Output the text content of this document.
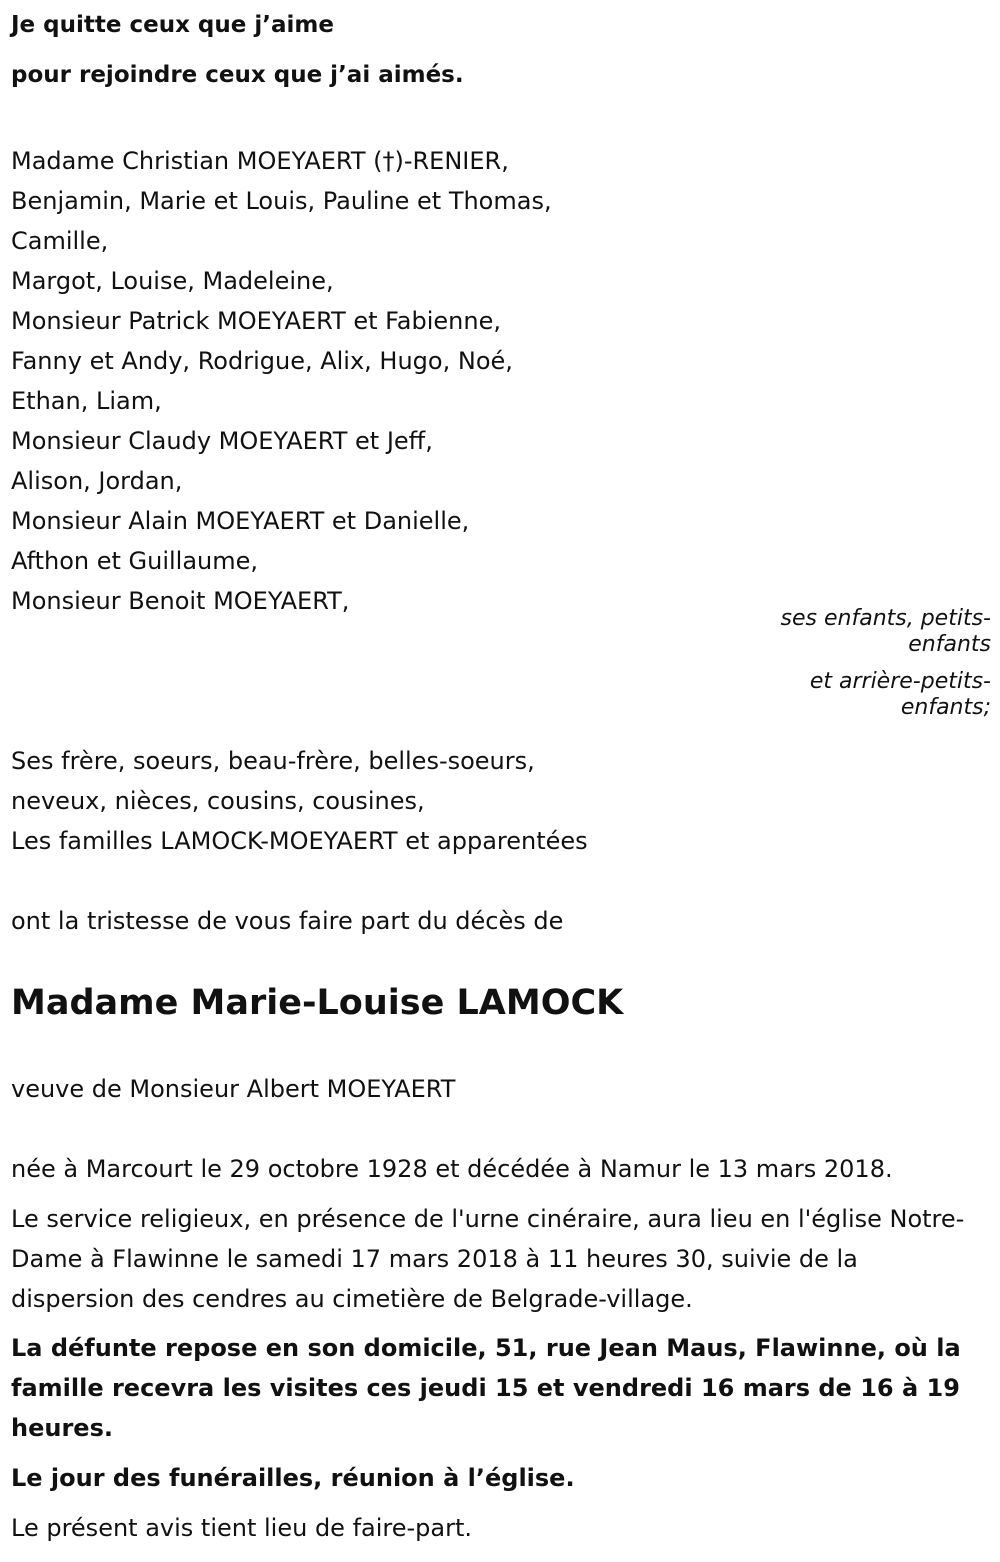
Je quitte ceux que j’aime

pour rejoindre ceux que j’ai aimés.

Madame Christian MOEYAERT (†)-RENIER,
Benjamin, Marie et Louis, Pauline et Thomas,
Camille,
Margot, Louise, Madeleine,
Monsieur Patrick MOEYAERT et Fabienne,
Fanny et Andy, Rodrigue, Alix, Hugo, Noé,
Ethan, Liam,
Monsieur Claudy MOEYAERT et Jeff,
Alison, Jordan,
Monsieur Alain MOEYAERT et Danielle,
Afthon et Guillaume,
Monsieur Benoit MOEYAERT,
ses enfants, petits-
enfants
et arrière-petits-
enfants;
Ses frère, soeurs, beau-frère, belles-soeurs,
neveux, nièces, cousins, cousines,
Les familles LAMOCK-MOEYAERT et apparentées

ont la tristesse de vous faire part du décès de

Madame Marie-Louise LAMOCK

veuve de Monsieur Albert MOEYAERT

née à Marcourt le 29 octobre 1928 et décédée à Namur le 13 mars 2018.

Le service religieux, en présence de l'urne cinéraire, aura lieu en l'église Notre-Dame à Flawinne le samedi 17 mars 2018 à 11 heures 30, suivie de la dispersion des cendres au cimetière de Belgrade-village.

La défunte repose en son domicile, 51, rue Jean Maus, Flawinne, où la famille recevra les visites ces jeudi 15 et vendredi 16 mars de 16 à 19 heures.

Le jour des funérailles, réunion à l’église.

Le présent avis tient lieu de faire-part.
